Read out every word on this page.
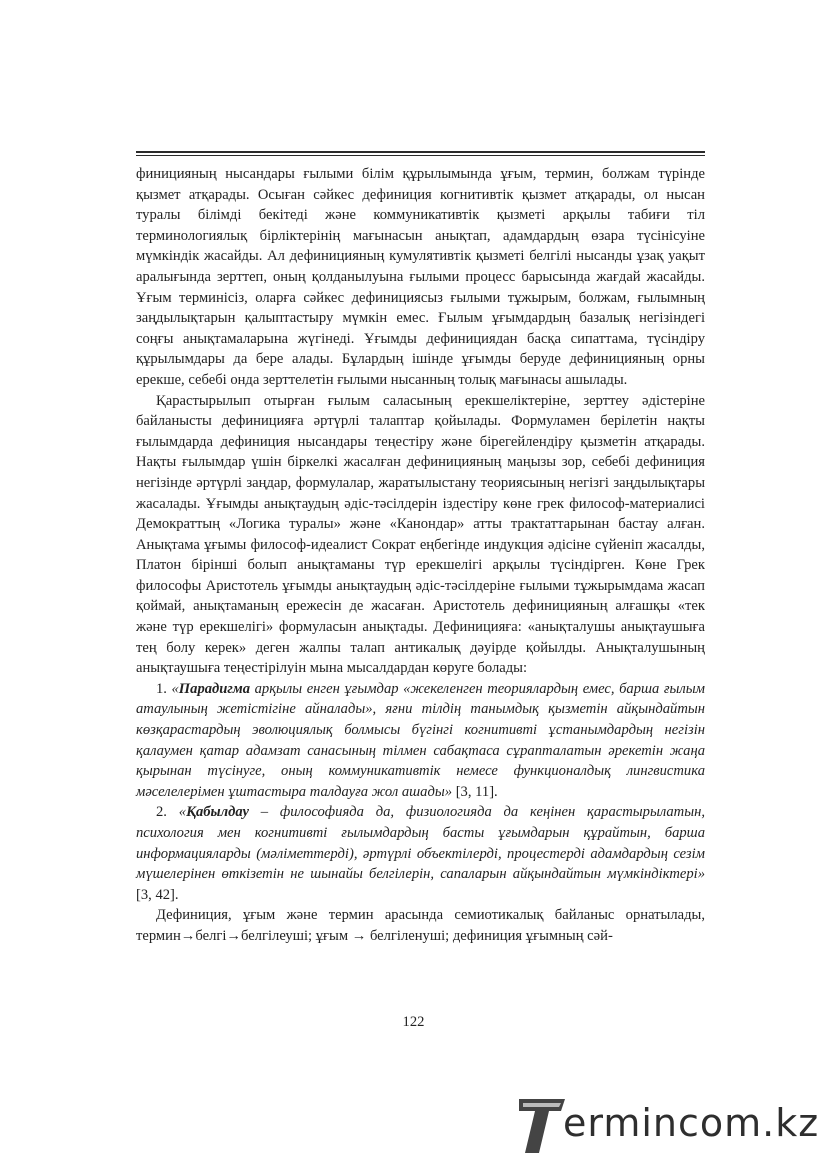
финицияның нысандары ғылыми білім құрылымында ұғым, термин, болжам түрінде қызмет атқарады. Осыған сәйкес дефиниция когнитивтік қызмет атқарады, ол нысан туралы білімді бекітеді және коммуникативтік қызметі арқылы табиғи тіл терминологиялық бірліктерінің мағынасын анықтап, адамдардың өзара түсінісуіне мүмкіндік жасайды. Ал дефиницияның кумулятивтік қызметі белгілі нысанды ұзақ уақыт аралығында зерттеп, оның қолданылуына ғылыми процесс барысында жағдай жасайды. Ұғым терминісіз, оларға сәйкес дефинициясыз ғылыми тұжырым, болжам, ғылымның заңдылықтарын қалыптастыру мүмкін емес. Ғылым ұғымдардың базалық негізіндегі соңғы анықтамаларына жүгінеді. Ұғымды дефинициядан басқа сипаттама, түсіндіру құрылымдары да бере алады. Бұлардың ішінде ұғымды беруде дефиницияның орны ерекше, себебі онда зерттелетін ғылыми нысанның толық мағынасы ашылады.

Қарастырылып отырған ғылым саласының ерекшеліктеріне, зерттеу әдістеріне байланысты дефиницияға әртүрлі талаптар қойылады. Формуламен берілетін нақты ғылымдарда дефиниция нысандары теңестіру және бірегейлендіру қызметін атқарады. Нақты ғылымдар үшін біркелкі жасалған дефиницияның маңызы зор, себебі дефиниция негізінде әртүрлі заңдар, формулалар, жаратылыстану теориясының негізгі заңдылықтары жасалады. Ұғымды анықтаудың әдіс-тәсілдерін іздестіру көне грек философ-материалисі Демократтың «Логика туралы» және «Канондар» атты трактаттарынан бастау алған. Анықтама ұғымы философ-идеалист Сократ еңбегінде индукция әдісіне сүйеніп жасалды, Платон бірінші болып анықтаманы түр ерекшелігі арқылы түсіндірген. Көне Грек философы Аристотель ұғымды анықтаудың әдіс-тәсілдеріне ғылыми тұжырымдама жасап қоймай, анықтаманың ережесін де жасаған. Аристотель дефиницияның алғашқы «тек және түр ерекшелігі» формуласын анықтады. Дефиницияға: «анықталушы анықтаушыға тең болу керек» деген жалпы талап антикалық дәуірде қойылды. Анықталушының анықтаушыға теңестірілуін мына мысалдардан көруге болады:

1. «Парадигма арқылы енген ұғымдар «жекеленген теориялардың емес, барша ғылым атаулының жетістігіне айналады», яғни тілдің танымдық қызметін айқындайтын көзқарастардың эволюциялық болмысы бүгінгі когнитивті ұстанымдардың негізін қалаумен қатар адамзат санасының тілмен сабақтаса сұрапталатын әрекетін жаңа қырынан түсінуге, оның коммуникативтік немесе функционалдық лингвистика мәселелерімен ұштастыра талдауға жол ашады» [3, 11].

2. «Қабылдау – философияда да, физиологияда да кеңінен қарастырылатын, психология мен когнитивті ғылымдардың басты ұғымдарын құрайтын, барша информацияларды (мәліметтерді), әртүрлі объектілерді, процестерді адамдардың сезім мүшелерінен өткізетін не шынайы белгілерін, сапаларын айқындайтын мүмкіндіктері» [3, 42].

Дефиниция, ұғым және термин арасында семиотикалық байланыс орнатылады, термин→белгі→белгілеуші; ұғым → белгіленуші; дефиниция ұғымның сәй-

122
ermincom.kz
